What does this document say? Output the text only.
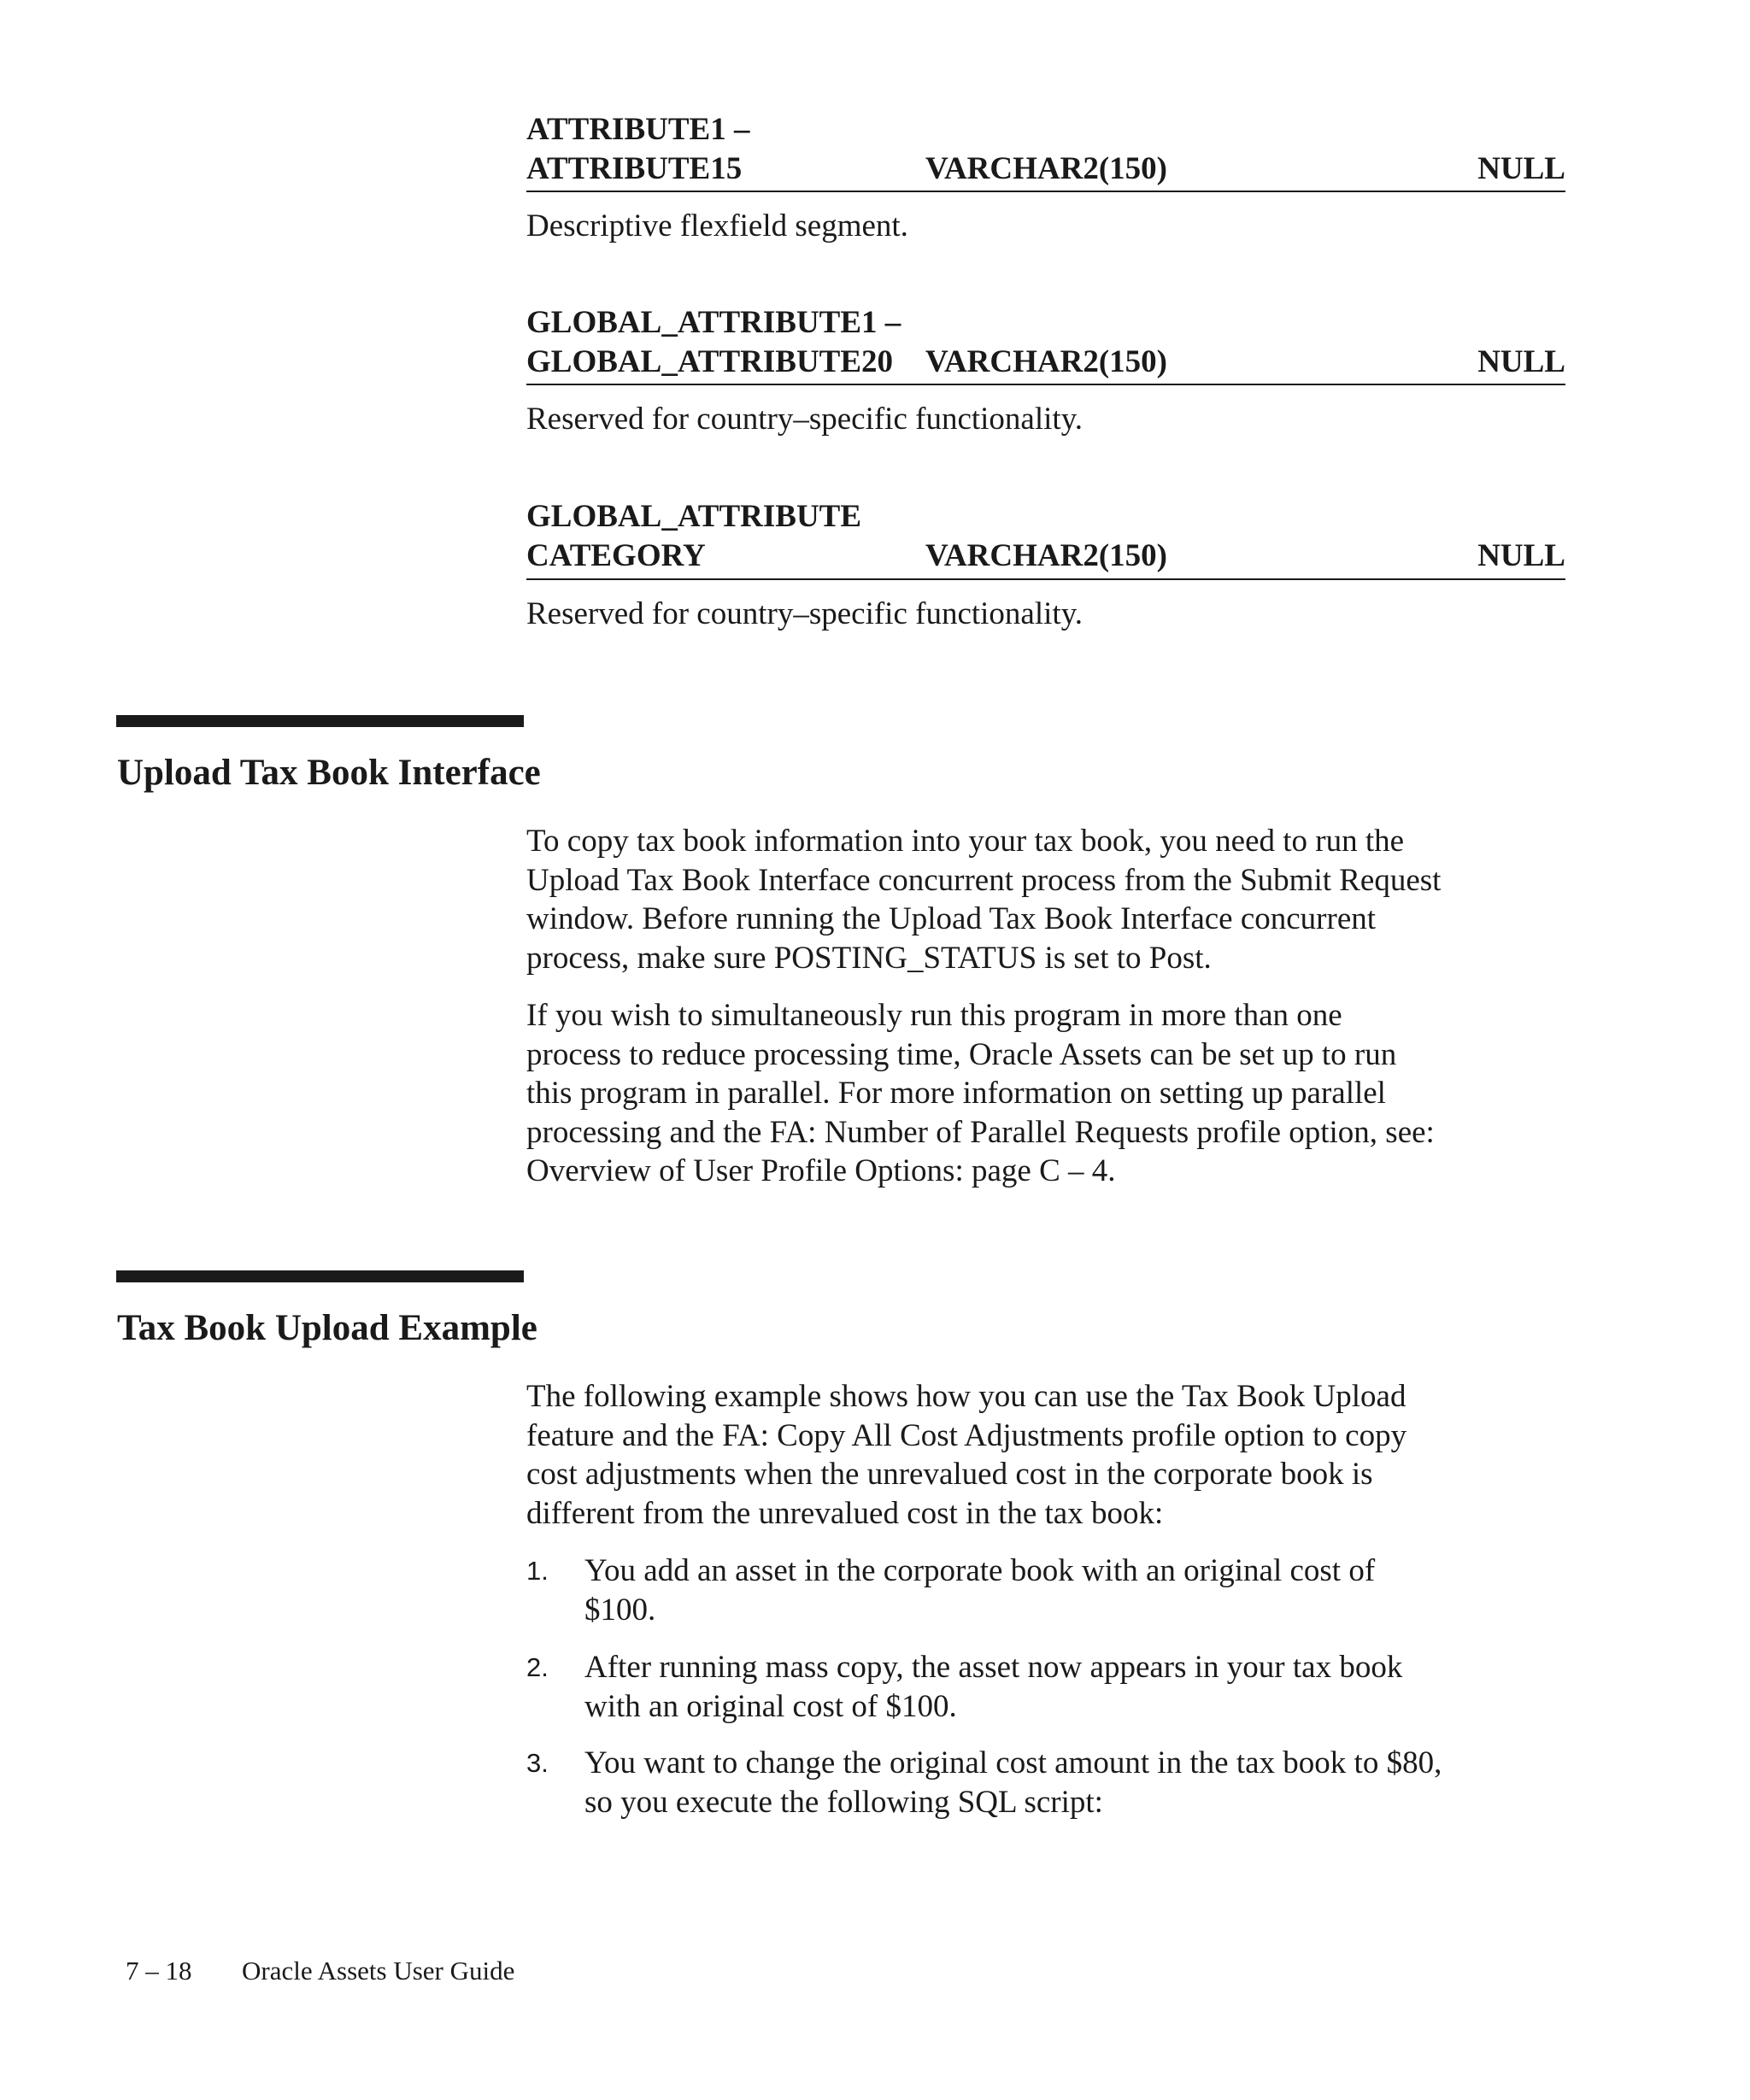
ATTRIBUTE1 –
ATTRIBUTE15	VARCHAR2(150)	NULL
Descriptive flexfield segment.
GLOBAL_ATTRIBUTE1 –
GLOBAL_ATTRIBUTE20 VARCHAR2(150)	NULL
Reserved for country–specific functionality.
GLOBAL_ATTRIBUTE
CATEGORY	VARCHAR2(150)	NULL
Reserved for country–specific functionality.
Upload Tax Book Interface

To copy tax book information into your tax book, you need to run the
Upload Tax Book Interface concurrent process from the Submit Request
window. Before running the Upload Tax Book Interface concurrent
process, make sure POSTING_STATUS is set to Post.

If you wish to simultaneously run this program in more than one
process to reduce processing time, Oracle Assets can be set up to run
this program in parallel. For more information on setting up parallel
processing and the FA: Number of Parallel Requests profile option, see:
Overview of User Profile Options: page C – 4.

Tax Book Upload Example

The following example shows how you can use the Tax Book Upload
feature and the FA: Copy All Cost Adjustments profile option to copy
cost adjustments when the unrevalued cost in the corporate book is
different from the unrevalued cost in the tax book:

1. You add an asset in the corporate book with an original cost of
$100.
2. After running mass copy, the asset now appears in your tax book
with an original cost of $100.
3. You want to change the original cost amount in the tax book to $80,
so you execute the following SQL script:
7 – 18 Oracle Assets User Guide
